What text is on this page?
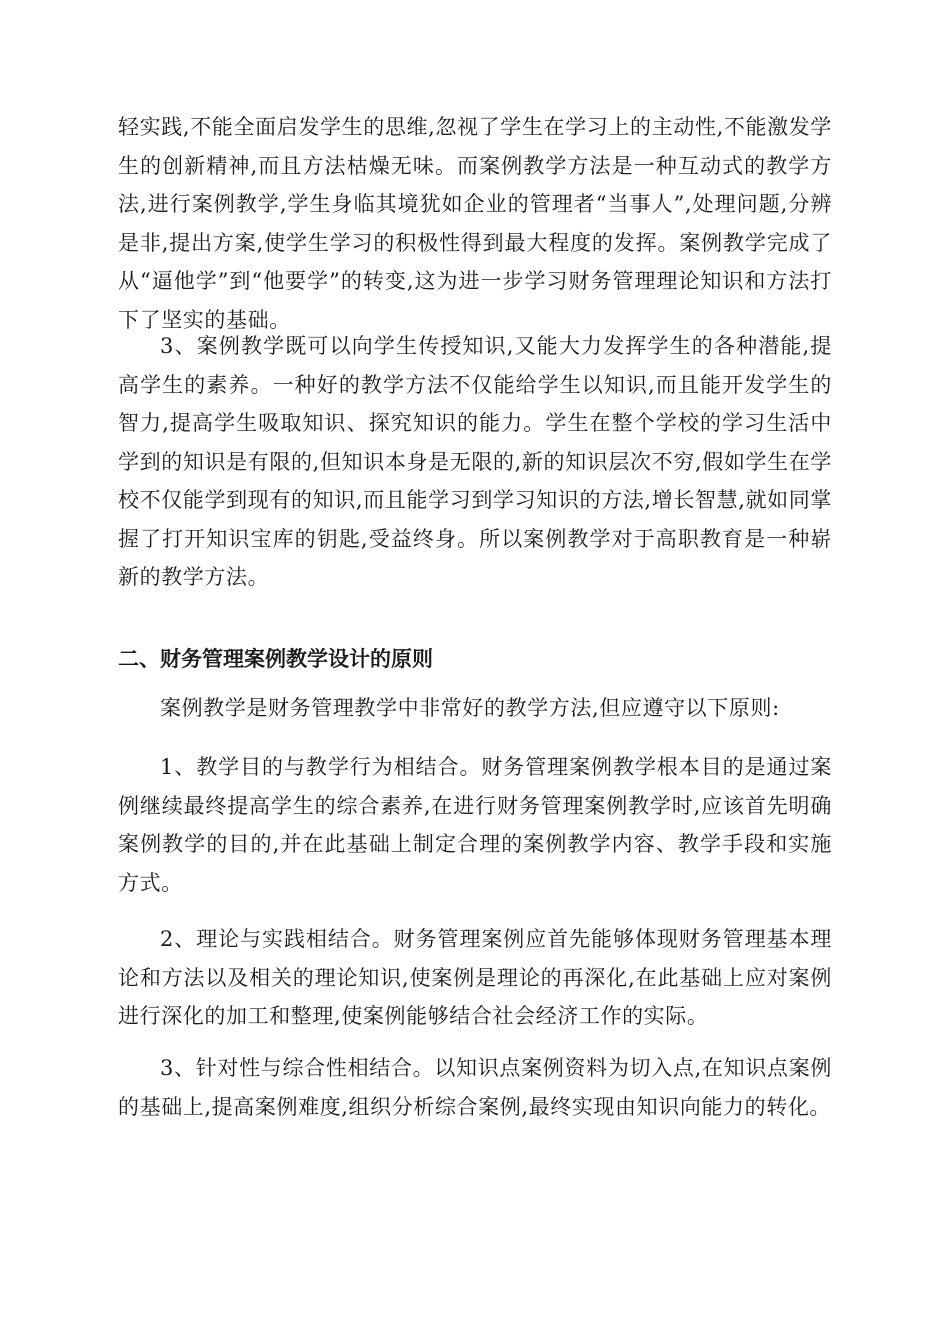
轻实践,不能全面启发学生的思维,忽视了学生在学习上的主动性,不能激发学生的创新精神,而且方法枯燥无味。而案例教学方法是一种互动式的教学方法,进行案例教学,学生身临其境犹如企业的管理者“当事人”,处理问题,分辨是非,提出方案,使学生学习的积极性得到最大程度的发挥。案例教学完成了从“逼他学”到“他要学”的转变,这为进一步学习财务管理理论知识和方法打下了坚实的基础。

3、案例教学既可以向学生传授知识,又能大力发挥学生的各种潜能,提高学生的素养。一种好的教学方法不仅能给学生以知识,而且能开发学生的智力,提高学生吸取知识、探究知识的能力。学生在整个学校的学习生活中学到的知识是有限的,但知识本身是无限的,新的知识层次不穷,假如学生在学校不仅能学到现有的知识,而且能学习到学习知识的方法,增长智慧,就如同掌握了打开知识宝库的钥匙,受益终身。所以案例教学对于高职教育是一种崭新的教学方法。

二、财务管理案例教学设计的原则

案例教学是财务管理教学中非常好的教学方法,但应遵守以下原则:

1、教学目的与教学行为相结合。财务管理案例教学根本目的是通过案例继续最终提高学生的综合素养,在进行财务管理案例教学时,应该首先明确案例教学的目的,并在此基础上制定合理的案例教学内容、教学手段和实施方式。

2、理论与实践相结合。财务管理案例应首先能够体现财务管理基本理论和方法以及相关的理论知识,使案例是理论的再深化,在此基础上应对案例进行深化的加工和整理,使案例能够结合社会经济工作的实际。

3、针对性与综合性相结合。以知识点案例资料为切入点,在知识点案例的基础上,提高案例难度,组织分析综合案例,最终实现由知识向能力的转化。
